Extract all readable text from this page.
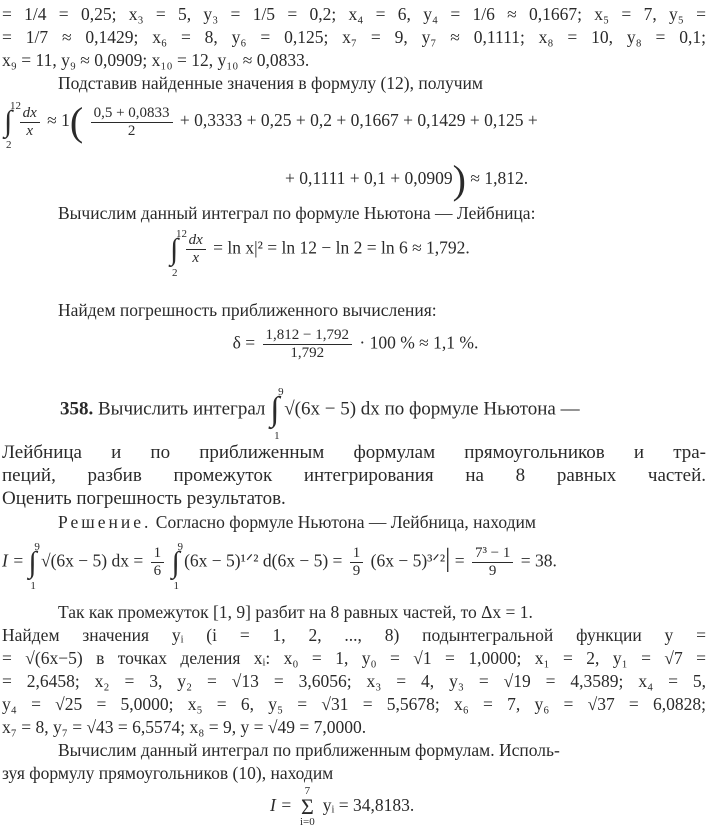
= 1/4 = 0,25; x₃ = 5, y₃ = 1/5 = 0,2; x₄ = 6, y₄ = 1/6 ≈ 0,1667; x₅ = 7, y₅ =
= 1/7 ≈ 0,1429; x₆ = 8, y₆ = 0,125; x₇ = 9, y₇ ≈ 0,1111; x₈ = 10, y₈ = 0,1;
x₉ = 11, y₉ ≈ 0,0909; x₁₀ = 12, y₁₀ ≈ 0,0833.
Подставив найденные значения в формулу (12), получим
∫
12
2

$\frac{dx}{x} \approx 1( \frac{0,5 + 0,0833}{2} + 0,3333 + 0,25 + 0,2 + 0,1667 + 0,1429 + 0,125$ +
+ 0,1111 + 0,1 + 0,0909) ≈ 1,812.
Вычислим данный интеграл по формуле Ньютона — Лейбница:
∫
12
2

$\frac{dx}{x} = \ln x|^2 = \ln 12 - \ln 2 = \ln 6 \approx 1,792$.
Найдем погрешность приближенного вычисления:
$\delta = \frac{1,812 - 1,792}{1,792} \cdot 100$ % ≈ 1,1 %.
358. Вычислить интеграл ∫
9
1
√(6x − 5) dx по формуле Ньютона —
Лейбница и по приближенным формулам прямоугольников и тра-
пеций, разбив промежуток интегрирования на 8 равных частей.
Оценить погрешность результатов.
Решение. Согласно формуле Ньютона — Лейбница, находим
I = ∫
9
1
√(6x − 5) dx = $\frac{1}{6}$ ∫
9
1
(6x − 5)¹ᐟ² $d(6x - 5) = \frac{1}{9} (6x$ − 5)³ᐟ²| = $\frac{\text{7³ − 1}}{9} = 38$.
Так как промежуток [1, 9] разбит на 8 равных частей, то Δx = 1.
Найдем значения yᵢ (i = 1, 2, ..., 8) подынтегральной функции y =
= √(6x−5) в точках деления xᵢ: x₀ = 1, y₀ = √1 = 1,0000; x₁ = 2, y₁ = √7 =
= 2,6458; x₂ = 3, y₂ = √13 = 3,6056; x₃ = 4, y₃ = √19 = 4,3589; x₄ = 5,
y₄ = √25 = 5,0000; x₅ = 6, y₅ = √31 = 5,5678; x₆ = 7, y₆ = √37 = 6,0828;
x₇ = 8, y₇ = √43 = 6,5574; x₈ = 9, y = √49 = 7,0000.
Вычислим данный интеграл по приближенным формулам. Исполь-
зуя формулу прямоугольников (10), находим
I =
7
Σ
i=0
yᵢ = 34,8183.
